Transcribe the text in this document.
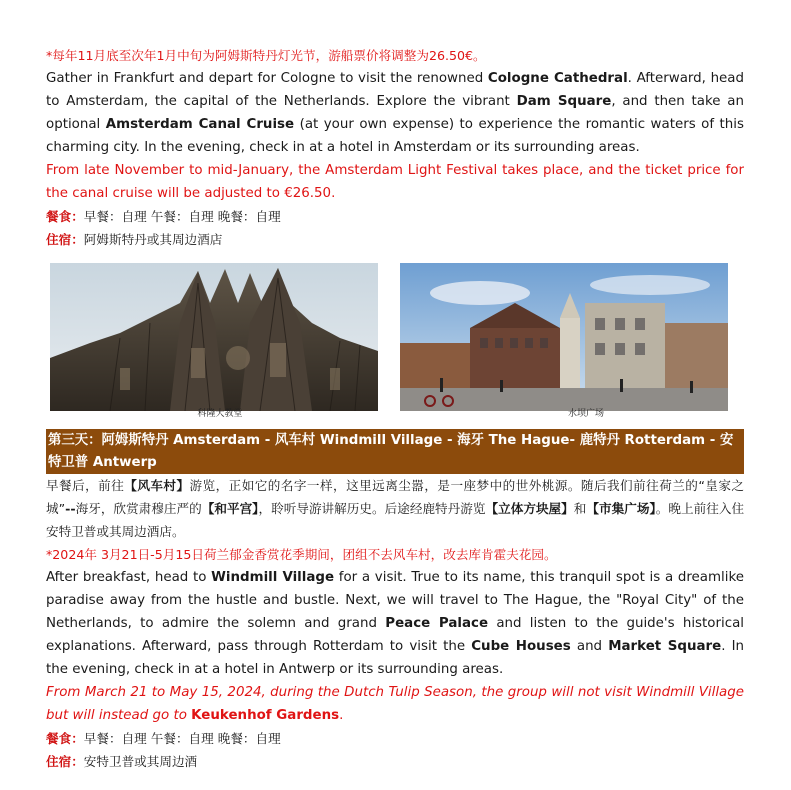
*每年11月底至次年1月中旬为阿姆斯特丹灯光节，游船票价将调整为26.50€。

Gather in Frankfurt and depart for Cologne to visit the renowned Cologne Cathedral. Afterward, head to Amsterdam, the capital of the Netherlands. Explore the vibrant Dam Square, and then take an optional Amsterdam Canal Cruise (at your own expense) to experience the romantic waters of this charming city. In the evening, check in at a hotel in Amsterdam or its surrounding areas.

From late November to mid-January, the Amsterdam Light Festival takes place, and the ticket price for the canal cruise will be adjusted to €26.50.

餐食：早餐：自理 午餐：自理 晚餐：自理

住宿：阿姆斯特丹或其周边酒店

科隆大教堂	水坝广场
第三天：阿姆斯特丹 Amsterdam - 风车村 Windmill Village - 海牙 The Hague- 鹿特丹 Rotterdam - 安特卫普 Antwerp

早餐后，前往【风车村】游览，正如它的名字一样，这里远离尘嚣，是一座梦中的世外桃源。随后我们前往荷兰的“皇家之城”--海牙，欣赏肃穆庄严的【和平宫】，聆听导游讲解历史。后途经鹿特丹游览【立体方块屋】和【市集广场】。晚上前往入住安特卫普或其周边酒店。

*2024年 3月21日-5月15日荷兰郁金香赏花季期间，团组不去风车村，改去库肯霍夫花园。

After breakfast, head to Windmill Village for a visit. True to its name, this tranquil spot is a dreamlike paradise away from the hustle and bustle. Next, we will travel to The Hague, the "Royal City" of the Netherlands, to admire the solemn and grand Peace Palace and listen to the guide's historical explanations. Afterward, pass through Rotterdam to visit the Cube Houses and Market Square. In the evening, check in at a hotel in Antwerp or its surrounding areas.

From March 21 to May 15, 2024, during the Dutch Tulip Season, the group will not visit Windmill Village but will instead go to Keukenhof Gardens.

餐食：早餐：自理 午餐：自理 晚餐：自理

住宿：安特卫普或其周边酒
